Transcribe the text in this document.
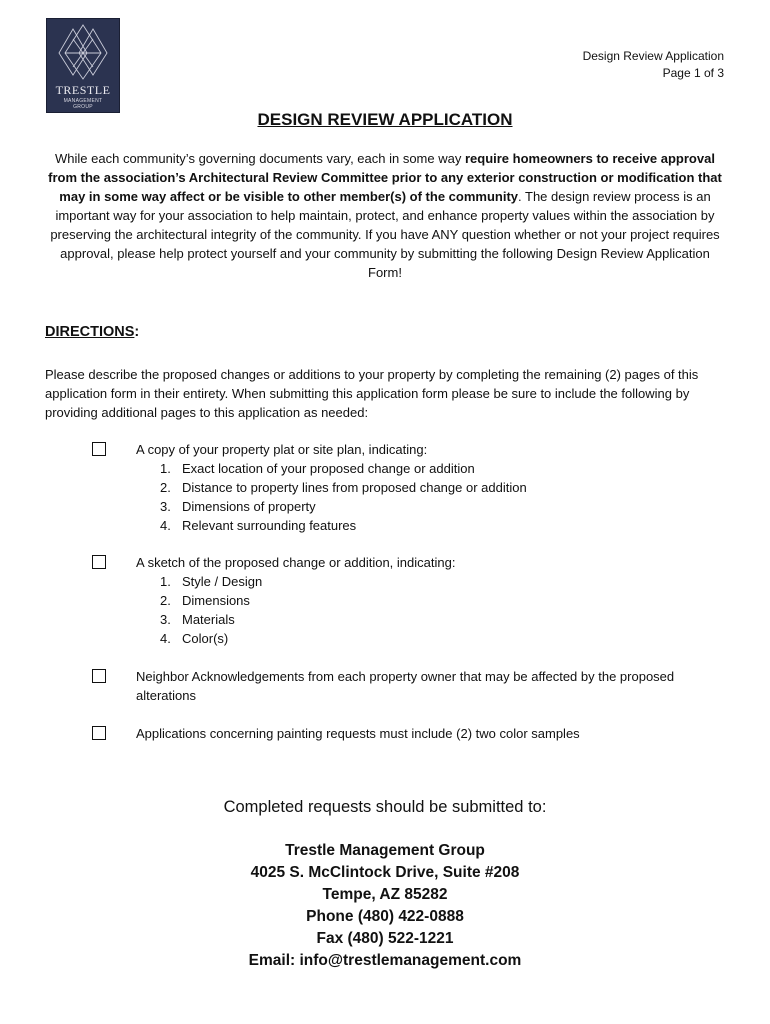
TRESTLE
MANAGEMENT
GROUP
Design Review Application
Page 1 of 3
DESIGN REVIEW APPLICATION
While each community’s governing documents vary, each in some way require homeowners to receive approval from the association’s Architectural Review Committee prior to any exterior construction or modification that may in some way affect or be visible to other member(s) of the community. The design review process is an important way for your association to help maintain, protect, and enhance property values within the association by preserving the architectural integrity of the community. If you have ANY question whether or not your project requires approval, please help protect yourself and your community by submitting the following Design Review Application Form!
DIRECTIONS:
Please describe the proposed changes or additions to your property by completing the remaining (2) pages of this application form in their entirety. When submitting this application form please be sure to include the following by providing additional pages to this application as needed:
A copy of your property plat or site plan, indicating:
1. Exact location of your proposed change or addition
2. Distance to property lines from proposed change or addition
3. Dimensions of property
4. Relevant surrounding features
A sketch of the proposed change or addition, indicating:
1. Style / Design
2. Dimensions
3. Materials
4. Color(s)
Neighbor Acknowledgements from each property owner that may be affected by the proposed alterations
Applications concerning painting requests must include (2) two color samples
Completed requests should be submitted to:
Trestle Management Group
4025 S. McClintock Drive, Suite #208
Tempe, AZ 85282
Phone (480) 422-0888
Fax (480) 522-1221
Email: info@trestlemanagement.com
